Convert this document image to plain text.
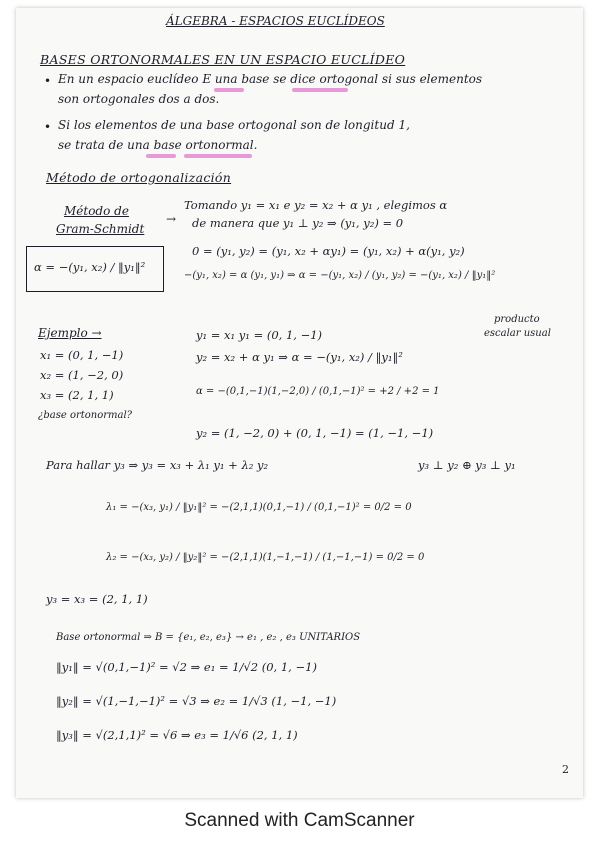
ÁLGEBRA - ESPACIOS EUCLÍDEOS
BASES ORTONORMALES EN UN ESPACIO EUCLÍDEO
• En un espacio euclídeo E una base se dice ortogonal si sus elementos
son ortogonales dos a dos.
• Si los elementos de una base ortogonal son de longitud 1,
se trata de una base ortonormal.
Método de ortogonalización
Método de
Gram-Schmidt
→
Tomando y₁ = x₁ e y₂ = x₂ + α y₁ , elegimos α
de manera que y₁ ⊥ y₂ ⇒ (y₁, y₂) = 0
α = −(y₁, x₂) / ‖y₁‖²
0 = (y₁, y₂) = (y₁, x₂ + αy₁) = (y₁, x₂) + α(y₁, y₂)
−(y₁, x₂) = α (y₁, y₁) ⇒ α = −(y₁, x₂) / (y₁, y₂) = −(y₁, x₂) / ‖y₁‖²
Ejemplo →
x₁ = (0, 1, −1)
x₂ = (1, −2, 0)
x₃ = (2, 1, 1)
¿base ortonormal?
y₁ = x₁ y₁ = (0, 1, −1)
producto
escalar usual
y₂ = x₂ + α y₁ ⇒ α = −(y₁, x₂) / ‖y₁‖²
α = −(0,1,−1)(1,−2,0) / (0,1,−1)² = +2 / +2 = 1
y₂ = (1, −2, 0) + (0, 1, −1) = (1, −1, −1)
Para hallar y₃ ⇒ y₃ = x₃ + λ₁ y₁ + λ₂ y₂	y₃ ⊥ y₂ ⊕ y₃ ⊥ y₁
λ₁ = −(x₃, y₁) / ‖y₁‖² = −(2,1,1)(0,1,−1) / (0,1,−1)² = 0/2 = 0
λ₂ = −(x₃, y₂) / ‖y₂‖² = −(2,1,1)(1,−1,−1) / (1,−1,−1) = 0/2 = 0
y₃ = x₃ = (2, 1, 1)
Base ortonormal ⇒ B = {e₁, e₂, e₃} → e₁ , e₂ , e₃ UNITARIOS
‖y₁‖ = √(0,1,−1)² = √2 ⇒ e₁ = 1/√2 (0, 1, −1)
‖y₂‖ = √(1,−1,−1)² = √3 ⇒ e₂ = 1/√3 (1, −1, −1)
‖y₃‖ = √(2,1,1)² = √6 ⇒ e₃ = 1/√6 (2, 1, 1)
2
Scanned with CamScanner
